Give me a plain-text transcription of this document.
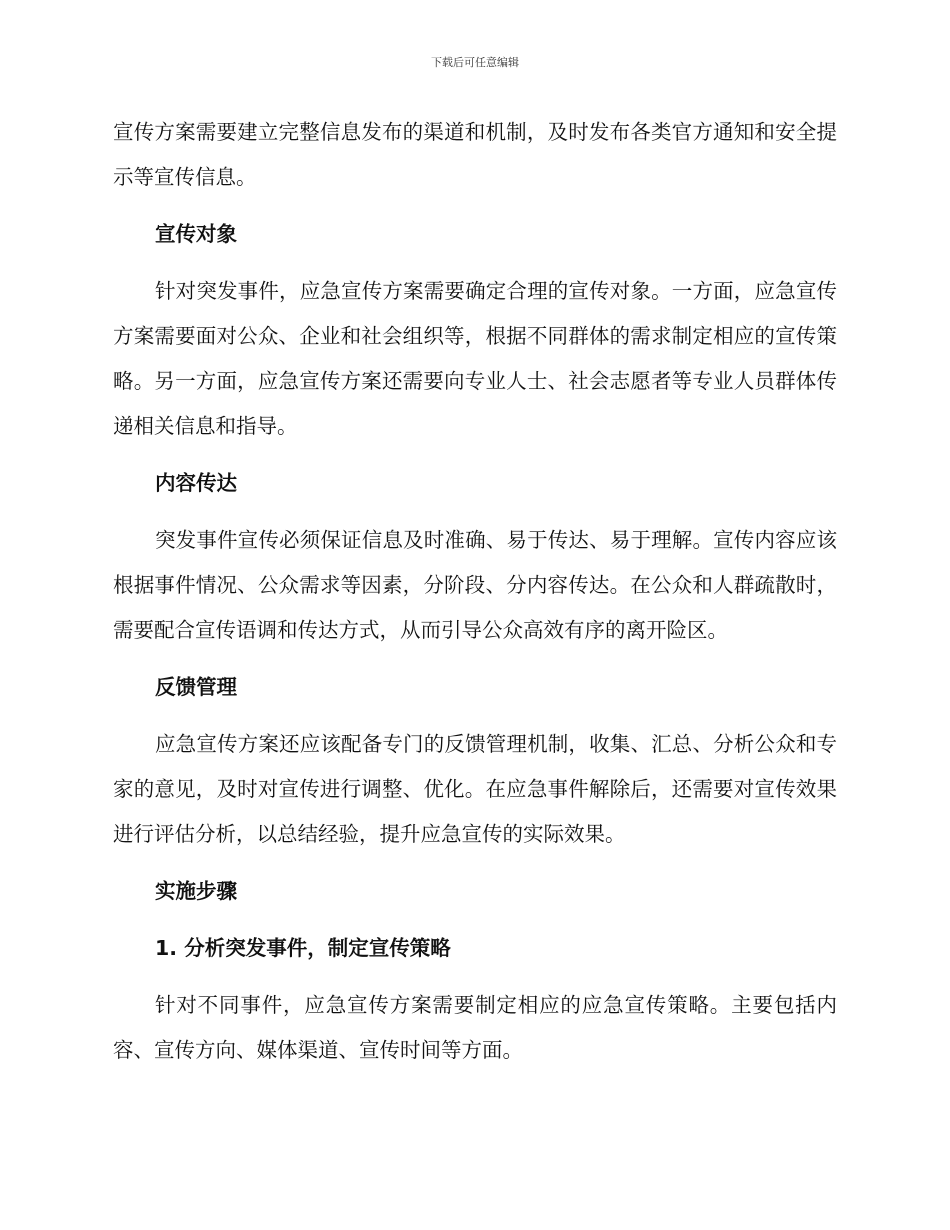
下载后可任意编辑

宣传方案需要建立完整信息发布的渠道和机制，及时发布各类官方通知和安全提示等宣传信息。

宣传对象

针对突发事件，应急宣传方案需要确定合理的宣传对象。一方面，应急宣传方案需要面对公众、企业和社会组织等，根据不同群体的需求制定相应的宣传策略。另一方面，应急宣传方案还需要向专业人士、社会志愿者等专业人员群体传递相关信息和指导。

内容传达

突发事件宣传必须保证信息及时准确、易于传达、易于理解。宣传内容应该根据事件情况、公众需求等因素，分阶段、分内容传达。在公众和人群疏散时，需要配合宣传语调和传达方式，从而引导公众高效有序的离开险区。

反馈管理

应急宣传方案还应该配备专门的反馈管理机制，收集、汇总、分析公众和专家的意见，及时对宣传进行调整、优化。在应急事件解除后，还需要对宣传效果进行评估分析，以总结经验，提升应急宣传的实际效果。

实施步骤
1. 分析突发事件，制定宣传策略

针对不同事件，应急宣传方案需要制定相应的应急宣传策略。主要包括内容、宣传方向、媒体渠道、宣传时间等方面。
